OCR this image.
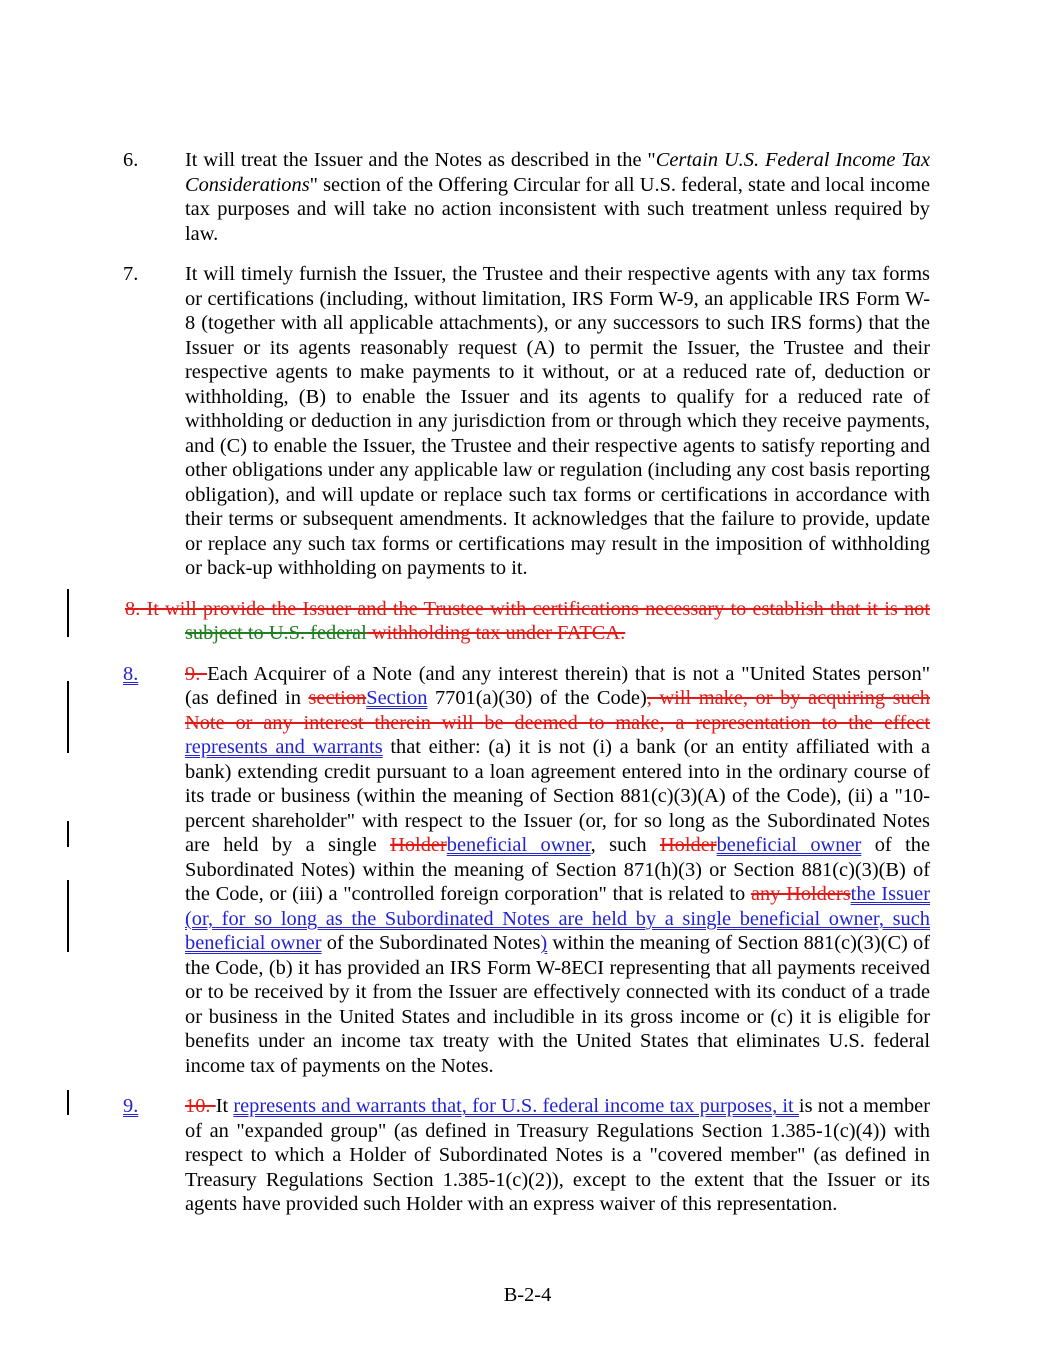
6. It will treat the Issuer and the Notes as described in the "Certain U.S. Federal Income Tax Considerations" section of the Offering Circular for all U.S. federal, state and local income tax purposes and will take no action inconsistent with such treatment unless required by law.
7. It will timely furnish the Issuer, the Trustee and their respective agents with any tax forms or certifications (including, without limitation, IRS Form W-9, an applicable IRS Form W-8 (together with all applicable attachments), or any successors to such IRS forms) that the Issuer or its agents reasonably request (A) to permit the Issuer, the Trustee and their respective agents to make payments to it without, or at a reduced rate of, deduction or withholding, (B) to enable the Issuer and its agents to qualify for a reduced rate of withholding or deduction in any jurisdiction from or through which they receive payments, and (C) to enable the Issuer, the Trustee and their respective agents to satisfy reporting and other obligations under any applicable law or regulation (including any cost basis reporting obligation), and will update or replace such tax forms or certifications in accordance with their terms or subsequent amendments. It acknowledges that the failure to provide, update or replace any such tax forms or certifications may result in the imposition of withholding or back-up withholding on payments to it.
8. It will provide the Issuer and the Trustee with certifications necessary to establish that it is not subject to U.S. federal withholding tax under FATCA.
8. 9. Each Acquirer of a Note (and any interest therein) that is not a "United States person" (as defined in sectionSection 7701(a)(30) of the Code), will make, or by acquiring such Note or any interest therein will be deemed to make, a representation to the effect represents and warrants that either: (a) it is not (i) a bank (or an entity affiliated with a bank) extending credit pursuant to a loan agreement entered into in the ordinary course of its trade or business (within the meaning of Section 881(c)(3)(A) of the Code), (ii) a "10-percent shareholder" with respect to the Issuer (or, for so long as the Subordinated Notes are held by a single Holderbeneficial owner, such Holderbeneficial owner of the Subordinated Notes) within the meaning of Section 871(h)(3) or Section 881(c)(3)(B) of the Code, or (iii) a "controlled foreign corporation" that is related to any Holdersthe Issuer (or, for so long as the Subordinated Notes are held by a single beneficial owner, such beneficial owner of the Subordinated Notes) within the meaning of Section 881(c)(3)(C) of the Code, (b) it has provided an IRS Form W-8ECI representing that all payments received or to be received by it from the Issuer are effectively connected with its conduct of a trade or business in the United States and includible in its gross income or (c) it is eligible for benefits under an income tax treaty with the United States that eliminates U.S. federal income tax of payments on the Notes.
9. 10. It represents and warrants that, for U.S. federal income tax purposes, it is not a member of an "expanded group" (as defined in Treasury Regulations Section 1.385-1(c)(4)) with respect to which a Holder of Subordinated Notes is a "covered member" (as defined in Treasury Regulations Section 1.385-1(c)(2)), except to the extent that the Issuer or its agents have provided such Holder with an express waiver of this representation.
B-2-4
